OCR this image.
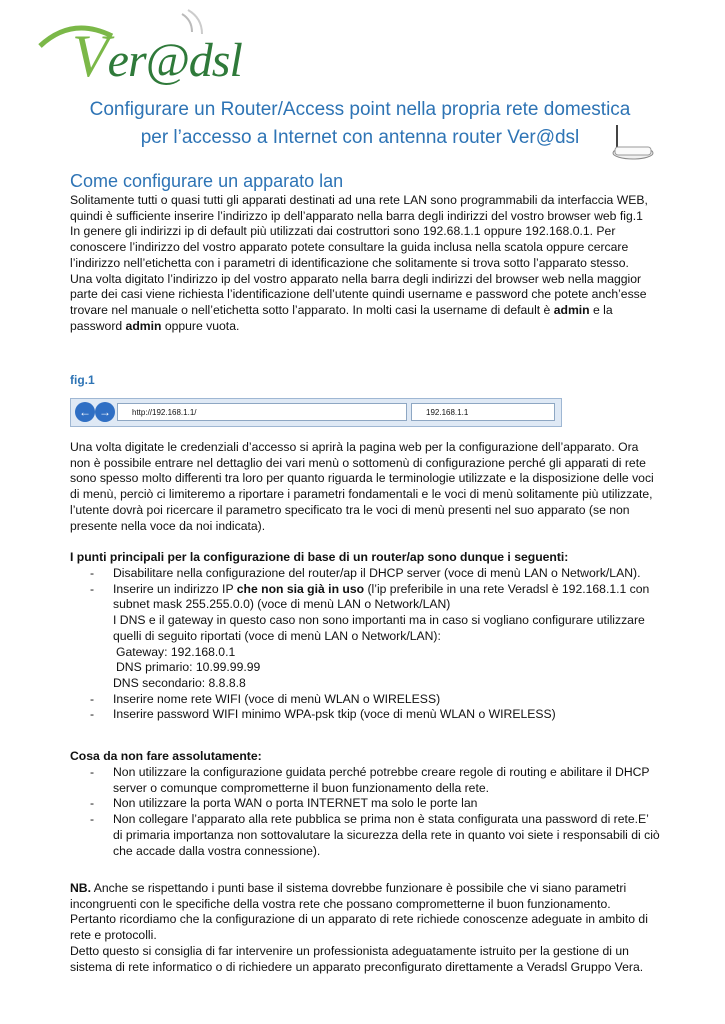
Ver@dsl
Configurare un Router/Access point nella propria rete domestica
per l’accesso a Internet con antenna router Ver@dsl
Come configurare un apparato lan
Solitamente tutti o quasi tutti gli apparati destinati ad una rete LAN sono programmabili da interfaccia WEB, quindi è sufficiente inserire l’indirizzo ip dell’apparato nella barra degli indirizzi del vostro browser web fig.1
In genere gli indirizzi ip di default più utilizzati dai costruttori sono 192.68.1.1 oppure 192.168.0.1. Per conoscere l’indirizzo del vostro apparato potete consultare la guida inclusa nella scatola oppure cercare l’indirizzo nell’etichetta con i parametri di identificazione che solitamente si trova sotto l’apparato stesso.
Una volta digitato l’indirizzo ip del vostro apparato nella barra degli indirizzi del browser web nella maggior parte dei casi viene richiesta l’identificazione dell’utente quindi username e password che potete anch’esse trovare nel manuale o nell’etichetta sotto l’apparato. In molti casi la username di default è admin e la password admin oppure vuota.
fig.1
← →	http://192.168.1.1/	192.168.1.1
Una volta digitate le credenziali d’accesso si aprirà la pagina web per la configurazione dell’apparato. Ora non è possibile entrare nel dettaglio dei vari menù o sottomenù di configurazione perché gli apparati di rete sono spesso molto differenti tra loro per quanto riguarda le terminologie utilizzate e la disposizione delle voci di menù, perciò ci limiteremo a riportare i parametri fondamentali e le voci di menù solitamente più utilizzate, l’utente dovrà poi ricercare il parametro specificato tra le voci di menù presenti nel suo apparato (se non presente nella voce da noi indicata).
I punti principali per la configurazione di base di un router/ap sono dunque i seguenti:
- Disabilitare nella configurazione del router/ap il DHCP server (voce di menù LAN o Network/LAN).
- Inserire un indirizzo IP che non sia già in uso (l’ip preferibile in una rete Veradsl è 192.168.1.1 con subnet mask 255.255.0.0) (voce di menù LAN o Network/LAN)
I DNS e il gateway in questo caso non sono importanti ma in caso si vogliano configurare utilizzare quelli di seguito riportati (voce di menù LAN o Network/LAN):
Gateway: 192.168.0.1
DNS primario: 10.99.99.99
DNS secondario: 8.8.8.8
- Inserire nome rete WIFI (voce di menù WLAN o WIRELESS)
- Inserire password WIFI minimo WPA-psk tkip (voce di menù WLAN o WIRELESS)
Cosa da non fare assolutamente:
- Non utilizzare la configurazione guidata perché potrebbe creare regole di routing e abilitare il DHCP server o comunque comprometterne il buon funzionamento della rete.
- Non utilizzare la porta WAN o porta INTERNET ma solo le porte lan
- Non collegare l’apparato alla rete pubblica se prima non è stata configurata una password di rete.E’ di primaria importanza non sottovalutare la sicurezza della rete in quanto voi siete i responsabili di ciò che accade dalla vostra connessione).
NB. Anche se rispettando i punti base il sistema dovrebbe funzionare è possibile che vi siano parametri incongruenti con le specifiche della vostra rete che possano comprometterne il buon funzionamento.
Pertanto ricordiamo che la configurazione di un apparato di rete richiede conoscenze adeguate in ambito di rete e protocolli.
Detto questo si consiglia di far intervenire un professionista adeguatamente istruito per la gestione di un sistema di rete informatico o di richiedere un apparato preconfigurato direttamente a Veradsl Gruppo Vera.
